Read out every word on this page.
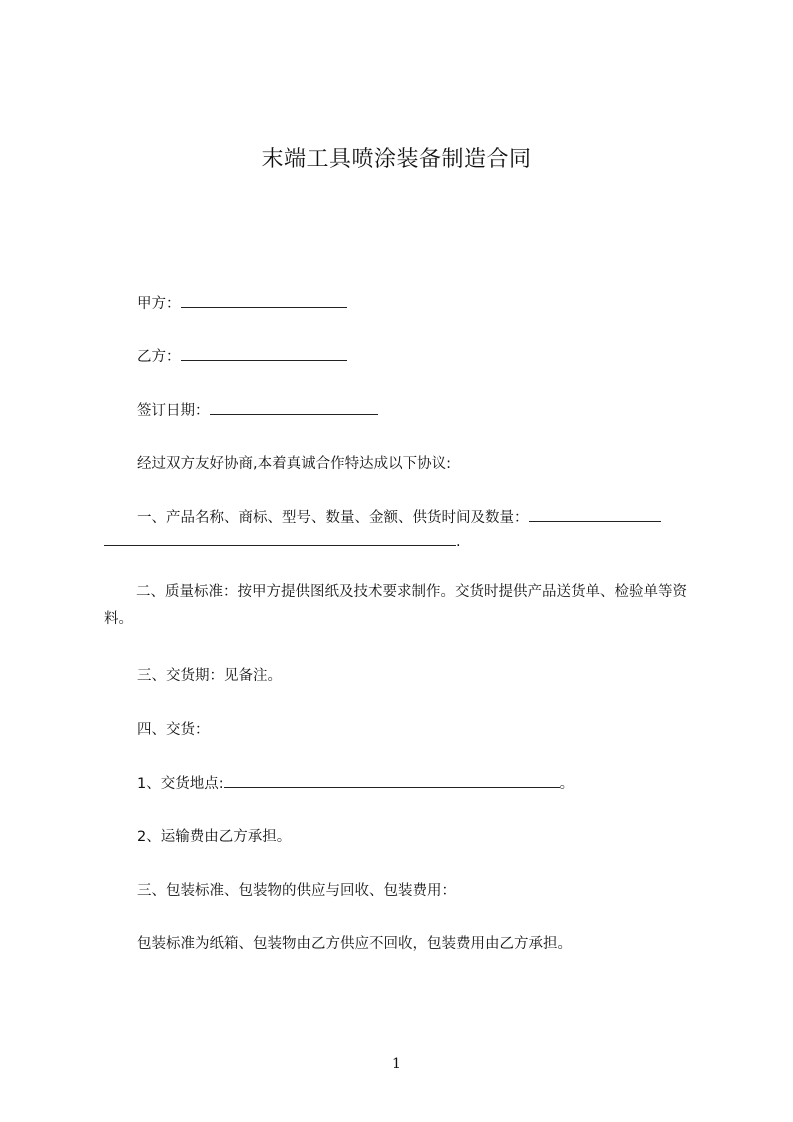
末端工具喷涂装备制造合同
甲方：
乙方：
签订日期：
经过双方友好协商,本着真诚合作特达成以下协议:
一、产品名称、商标、型号、数量、金额、供货时间及数量：
.
二、质量标准：按甲方提供图纸及技术要求制作。交货时提供产品送货单、检验单等资料。
三、交货期：见备注。
四、交货：
1、交货地点:	。
2、运输费由乙方承担。
三、包装标准、包装物的供应与回收、包装费用：
包装标准为纸箱、包装物由乙方供应不回收，包装费用由乙方承担。
1
